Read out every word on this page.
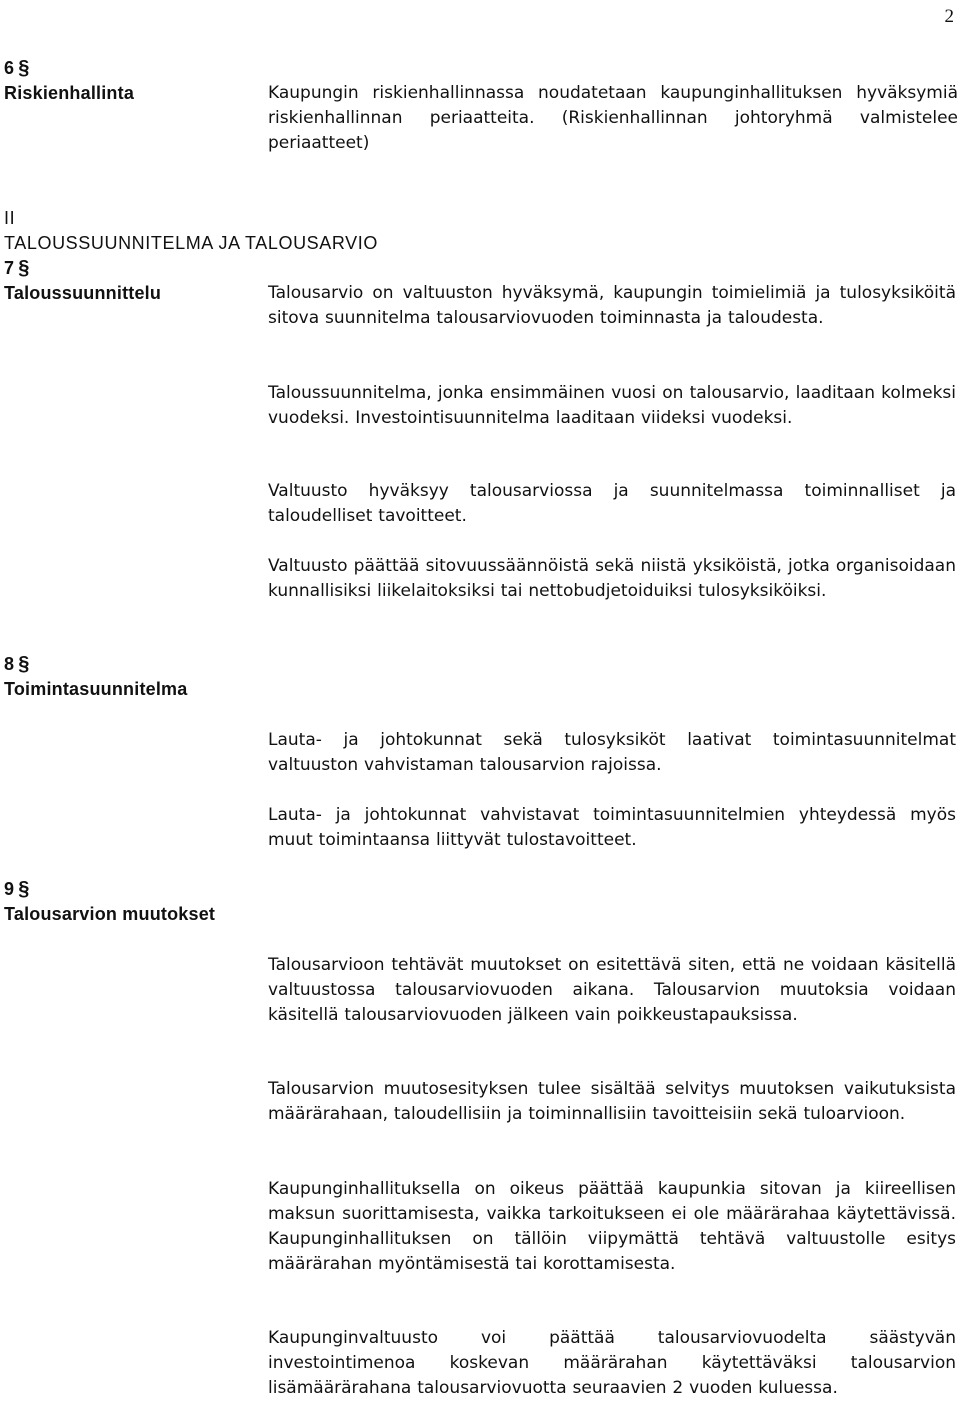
2
6 §
Riskienhallinta	Kaupungin riskienhallinnassa noudatetaan kaupunginhallituksen hyväksymiä riskienhallinnan periaatteita. (Riskienhallinnan johtoryhmä valmistelee periaatteet)
II
TALOUSSUUNNITELMA JA TALOUSARVIO
7 §
Taloussuunnittelu	Talousarvio on valtuuston hyväksymä, kaupungin toimielimiä ja tulosyksiköitä sitova suunnitelma talousarviovuoden toiminnasta ja taloudesta.
Taloussuunnitelma, jonka ensimmäinen vuosi on talousarvio, laaditaan kolmeksi vuodeksi. Investointisuunnitelma laaditaan viideksi vuodeksi.
Valtuusto hyväksyy talousarviossa ja suunnitelmassa toiminnalliset ja taloudelliset tavoitteet.
Valtuusto päättää sitovuussäännöistä sekä niistä yksiköistä, jotka organisoidaan kunnallisiksi liikelaitoksiksi tai nettobudjetoiduiksi tulosyksiköiksi.
8 §
Toimintasuunnitelma
Lauta- ja johtokunnat sekä tulosyksiköt laativat toimintasuunnitelmat valtuuston vahvistaman talousarvion rajoissa.
Lauta- ja johtokunnat vahvistavat toimintasuunnitelmien yhteydessä myös muut toimintaansa liittyvät tulostavoitteet.
9 §
Talousarvion muutokset
Talousarvioon tehtävät muutokset on esitettävä siten, että ne voidaan käsitellä valtuustossa talousarviovuoden aikana. Talousarvion muutoksia voidaan käsitellä talousarviovuoden jälkeen vain poikkeustapauksissa.
Talousarvion muutosesityksen tulee sisältää selvitys muutoksen vaikutuksista määrärahaan, taloudellisiin ja toiminnallisiin tavoitteisiin sekä tuloarvioon.
Kaupunginhallituksella on oikeus päättää kaupunkia sitovan ja kiireellisen maksun suorittamisesta, vaikka tarkoitukseen ei ole määrärahaa käytettävissä. Kaupunginhallituksen on tällöin viipymättä tehtävä valtuustolle esitys määrärahan myöntämisestä tai korottamisesta.
Kaupunginvaltuusto voi päättää talousarviovuodelta säästyvän investointimenoa koskevan määrärahan käytettäväksi talousarvion lisämäärärahana talousarviovuotta seuraavien 2 vuoden kuluessa.
